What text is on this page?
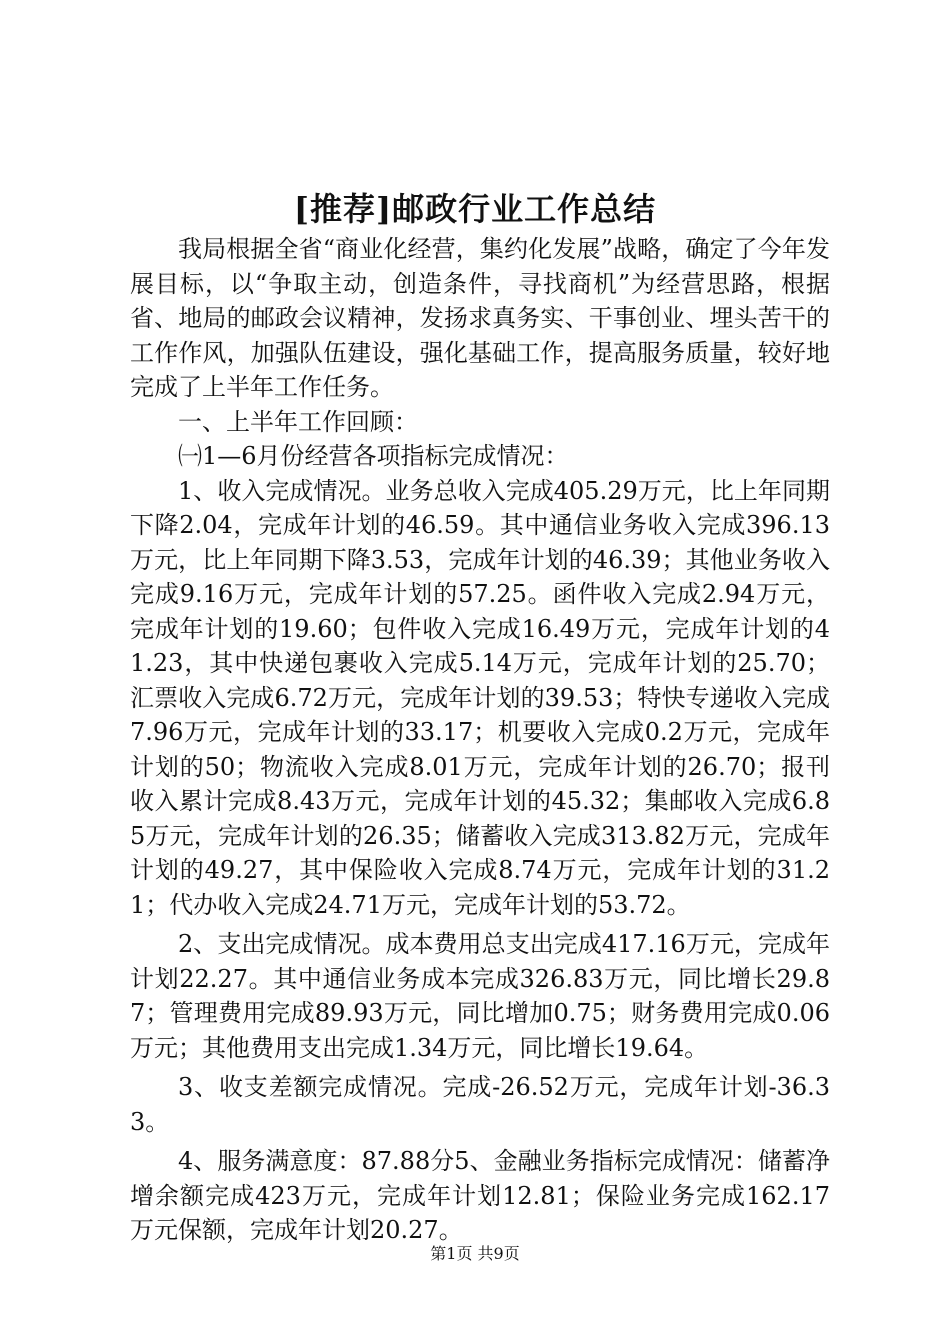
[推荐]邮政行业工作总结

我局根据全省“商业化经营，集约化发展”战略，确定了今年发展目标，以“争取主动，创造条件，寻找商机”为经营思路，根据省、地局的邮政会议精神，发扬求真务实、干事创业、埋头苦干的工作作风，加强队伍建设，强化基础工作，提高服务质量，较好地完成了上半年工作任务。

一、上半年工作回顾：

㈠1—6月份经营各项指标完成情况：

1、收入完成情况。业务总收入完成405.29万元，比上年同期下降2.04，完成年计划的46.59。其中通信业务收入完成396.13万元，比上年同期下降3.53，完成年计划的46.39；其他业务收入完成9.16万元，完成年计划的57.25。函件收入完成2.94万元，完成年计划的19.60；包件收入完成16.49万元，完成年计划的41.23，其中快递包裹收入完成5.14万元，完成年计划的25.70；汇票收入完成6.72万元，完成年计划的39.53；特快专递收入完成7.96万元，完成年计划的33.17；机要收入完成0.2万元，完成年计划的50；物流收入完成8.01万元，完成年计划的26.70；报刊收入累计完成8.43万元，完成年计划的45.32；集邮收入完成6.85万元，完成年计划的26.35；储蓄收入完成313.82万元，完成年计划的49.27，其中保险收入完成8.74万元，完成年计划的31.21；代办收入完成24.71万元，完成年计划的53.72。

2、支出完成情况。成本费用总支出完成417.16万元，完成年计划22.27。其中通信业务成本完成326.83万元，同比增长29.87；管理费用完成89.93万元，同比增加0.75；财务费用完成0.06万元；其他费用支出完成1.34万元，同比增长19.64。

3、收支差额完成情况。完成-26.52万元，完成年计划-36.33。

4、服务满意度：87.88分5、金融业务指标完成情况：储蓄净增余额完成423万元，完成年计划12.81；保险业务完成162.17万元保额，完成年计划20.27。

第1页 共9页
